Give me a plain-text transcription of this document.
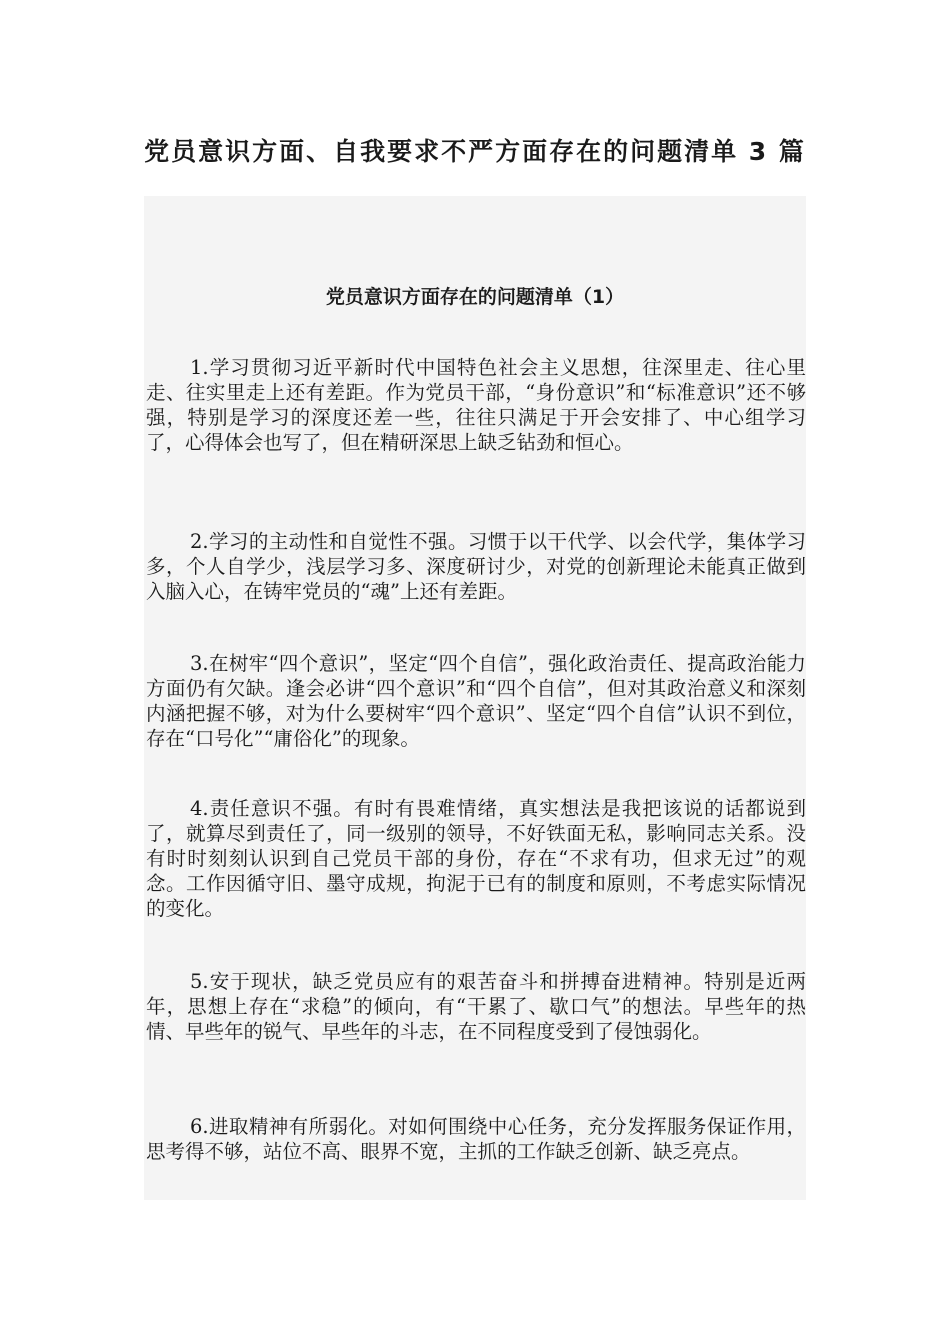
党员意识方面、自我要求不严方面存在的问题清单 3 篇
党员意识方面存在的问题清单（1）

1.学习贯彻习近平新时代中国特色社会主义思想，往深里走、往心里走、往实里走上还有差距。作为党员干部，“身份意识”和“标准意识”还不够强，特别是学习的深度还差一些，往往只满足于开会安排了、中心组学习了，心得体会也写了，但在精研深思上缺乏钻劲和恒心。

2.学习的主动性和自觉性不强。习惯于以干代学、以会代学，集体学习多，个人自学少，浅层学习多、深度研讨少，对党的创新理论未能真正做到入脑入心，在铸牢党员的“魂”上还有差距。

3.在树牢“四个意识”，坚定“四个自信”，强化政治责任、提高政治能力方面仍有欠缺。逢会必讲“四个意识”和“四个自信”，但对其政治意义和深刻内涵把握不够，对为什么要树牢“四个意识”、坚定“四个自信”认识不到位，存在“口号化”“庸俗化”的现象。

4.责任意识不强。有时有畏难情绪，真实想法是我把该说的话都说到了，就算尽到责任了，同一级别的领导，不好铁面无私，影响同志关系。没有时时刻刻认识到自己党员干部的身份，存在“不求有功，但求无过”的观念。工作因循守旧、墨守成规，拘泥于已有的制度和原则，不考虑实际情况的变化。

5.安于现状，缺乏党员应有的艰苦奋斗和拼搏奋进精神。特别是近两年，思想上存在“求稳”的倾向，有“干累了、歇口气”的想法。早些年的热情、早些年的锐气、早些年的斗志，在不同程度受到了侵蚀弱化。

6.进取精神有所弱化。对如何围绕中心任务，充分发挥服务保证作用，思考得不够，站位不高、眼界不宽，主抓的工作缺乏创新、缺乏亮点。
